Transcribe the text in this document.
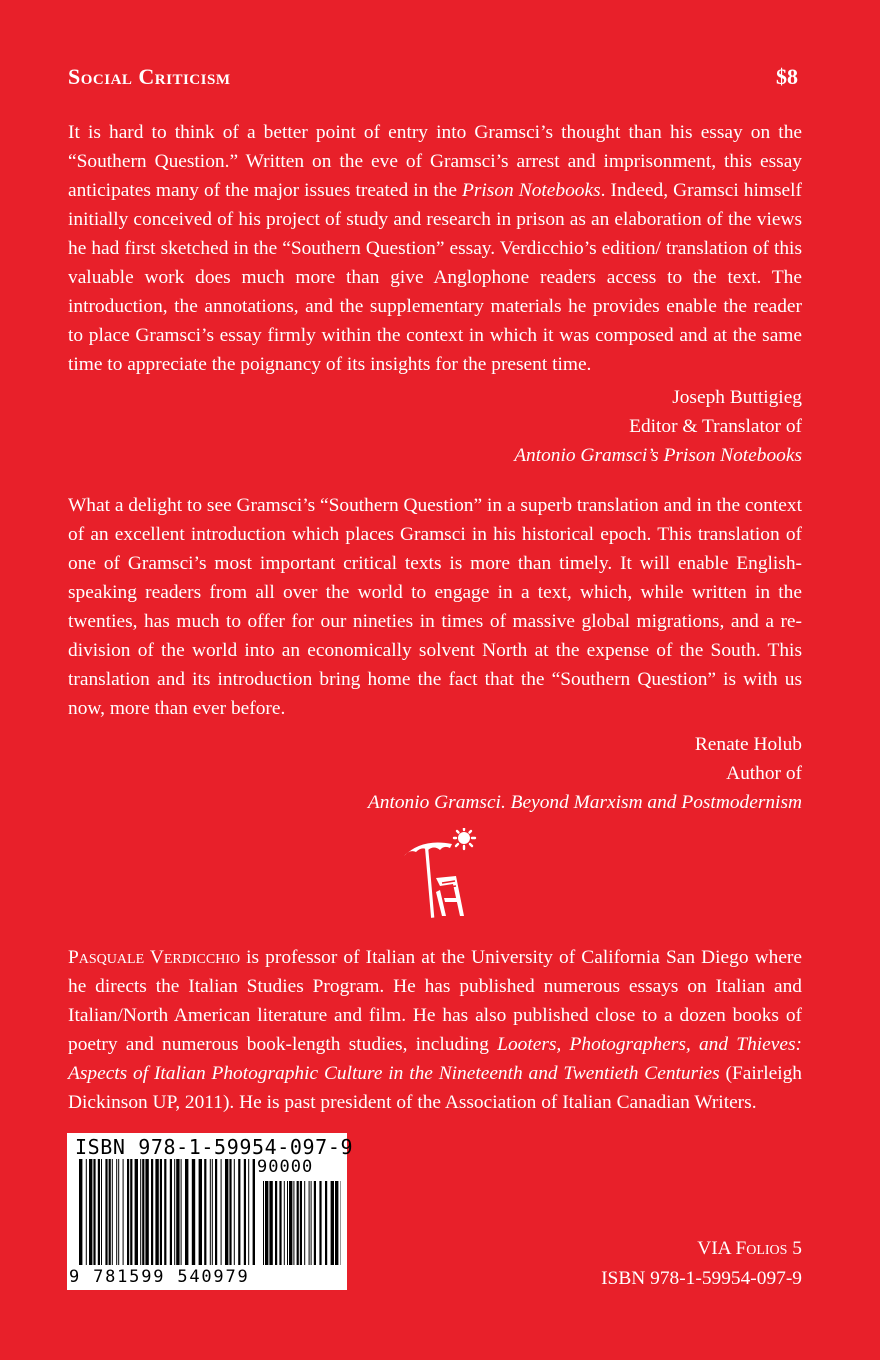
Social Criticism	$8

It is hard to think of a better point of entry into Gramsci’s thought than his essay on the “Southern Question.” Written on the eve of Gramsci’s arrest and imprisonment, this essay anticipates many of the major issues treated in the Prison Notebooks. Indeed, Gramsci himself initially conceived of his project of study and research in prison as an elaboration of the views he had first sketched in the “Southern Question” essay. Verdicchio’s edition/ translation of this valuable work does much more than give Anglophone readers access to the text. The introduction, the annotations, and the supplementary materials he provides enable the reader to place Gramsci’s essay firmly within the context in which it was composed and at the same time to appreciate the poignancy of its insights for the present time.

Joseph Buttigieg
Editor & Translator of
Antonio Gramsci’s Prison Notebooks

What a delight to see Gramsci’s “Southern Question” in a superb translation and in the context of an excellent introduction which places Gramsci in his historical epoch. This translation of one of Gramsci’s most important critical texts is more than timely. It will enable English-speaking readers from all over the world to engage in a text, which, while written in the twenties, has much to offer for our nineties in times of massive global migrations, and a re-division of the world into an economically solvent North at the expense of the South. This translation and its introduction bring home the fact that the “Southern Question” is with us now, more than ever before.

Renate Holub
Author of
Antonio Gramsci. Beyond Marxism and Postmodernism

Pasquale Verdicchio is professor of Italian at the University of California San Diego where he directs the Italian Studies Program. He has published numerous essays on Italian and Italian/North American literature and film. He has also published close to a dozen books of poetry and numerous book-length studies, including Looters, Photographers, and Thieves: Aspects of Italian Photographic Culture in the Nineteenth and Twentieth Centuries (Fairleigh Dickinson UP, 2011). He is past president of the Association of Italian Canadian Writers.

ISBN 978-1-59954-097-9
90000
9 781599 540979
VIA Folios 5
ISBN 978-1-59954-097-9
